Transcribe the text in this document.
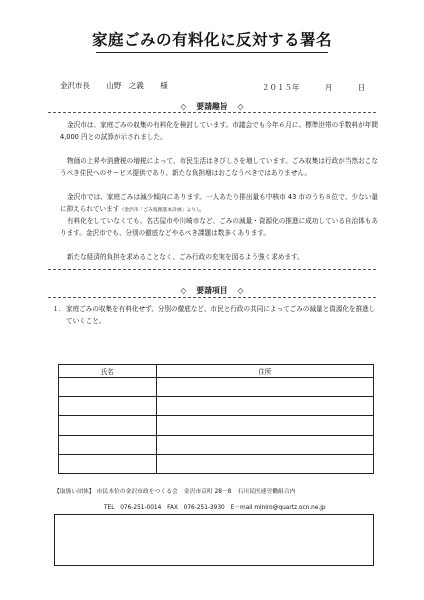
家庭ごみの有料化に反対する署名
金沢市長 山野　之義 様	２０１５年	月	日
◇ 要請趣旨 ◇

金沢市は、家庭ごみの収集の有料化を検討しています。市議会でも今年６月に、標準世帯の手数料が年間 4,000 円との試算が示されました。

物価の上昇や消費税の増税によって、市民生活はきびしさを増しています。ごみ収集は行政が当然おこなうべき住民へのサービス提供であり、新たな負担増はおこなうべきではありません。

金沢市では、家庭ごみは減少傾向にあります。一人あたり排出量も中核市 43 市のうち８位で、少ない量に抑えられています（金沢市「ごみ処理基本計画」より）。

有料化をしていなくても、名古屋市や川崎市など、ごみの減量・資源化の推進に成功している自治体もあります。金沢市でも、分別の徹底などやるべき課題は数多くあります。

新たな経済的負担を求めることなく、ごみ行政の充実を図るよう強く求めます。

◇ 要請項目 ◇
１. 家庭ごみの収集を有料化せず、分別の徹底など、市民と行政の共同によってごみの減量と資源化を推進していくこと。
氏名	住所

【取扱い団体】 市民本位の金沢市政をつくる会 金沢市京町 28－8 石川民医連労働組合内
TEL　076-251-0014 FAX　076-251-3930 E－mail miniro@quartz.ocn.ne.jp
